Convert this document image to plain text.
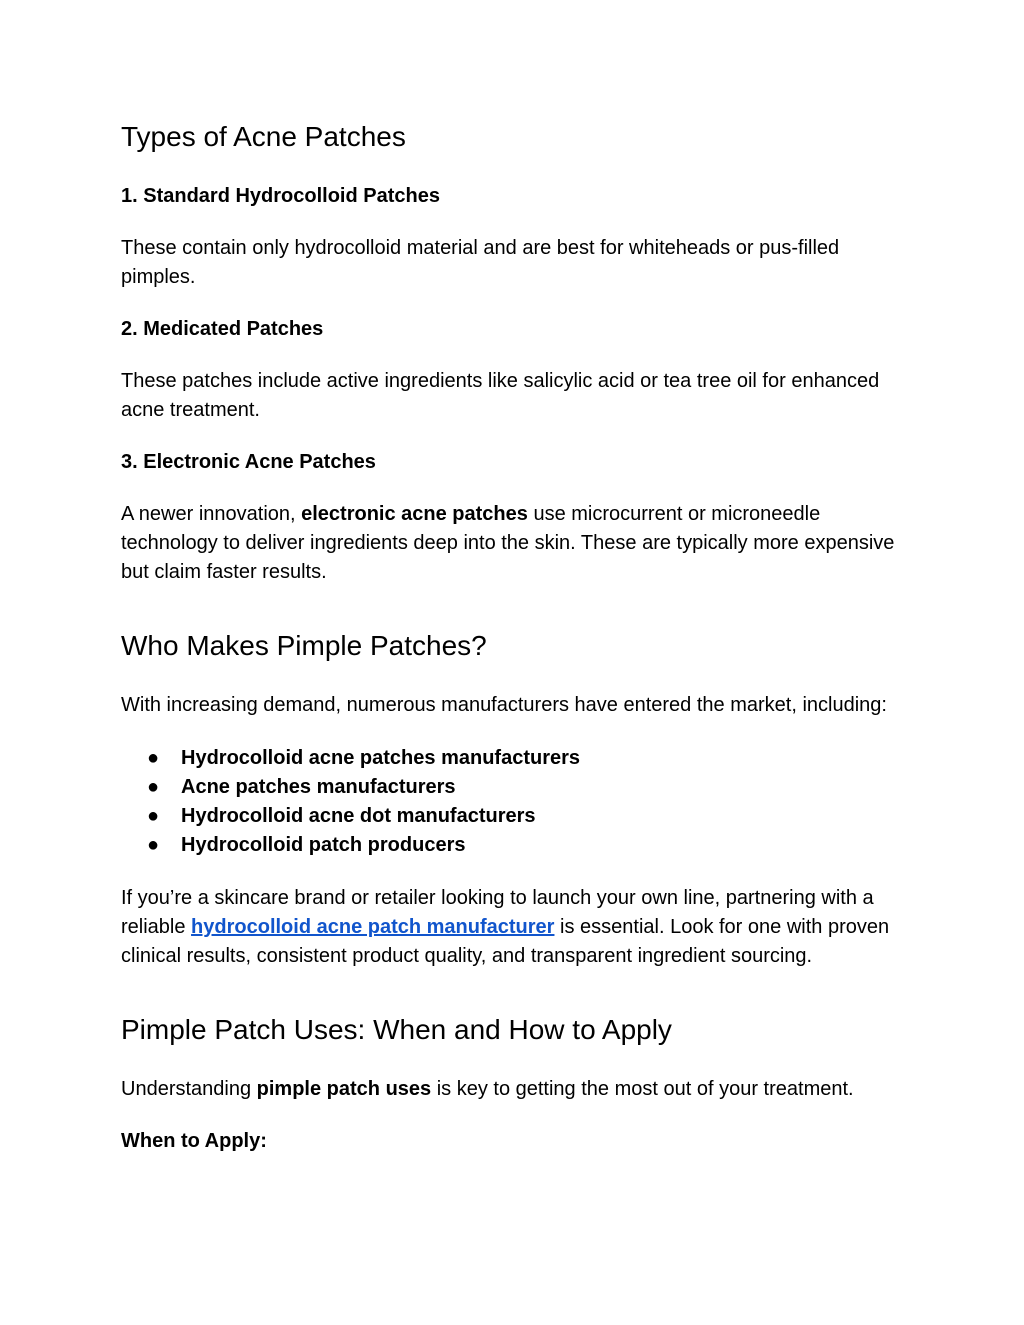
Types of Acne Patches
1. Standard Hydrocolloid Patches

These contain only hydrocolloid material and are best for whiteheads or pus-filled pimples.

2. Medicated Patches

These patches include active ingredients like salicylic acid or tea tree oil for enhanced acne treatment.

3. Electronic Acne Patches

A newer innovation, electronic acne patches use microcurrent or microneedle technology to deliver ingredients deep into the skin. These are typically more expensive but claim faster results.

Who Makes Pimple Patches?

With increasing demand, numerous manufacturers have entered the market, including:

● Hydrocolloid acne patches manufacturers
● Acne patches manufacturers
● Hydrocolloid acne dot manufacturers
● Hydrocolloid patch producers

If you’re a skincare brand or retailer looking to launch your own line, partnering with a reliable hydrocolloid acne patch manufacturer is essential. Look for one with proven clinical results, consistent product quality, and transparent ingredient sourcing.

Pimple Patch Uses: When and How to Apply

Understanding pimple patch uses is key to getting the most out of your treatment.

When to Apply:
